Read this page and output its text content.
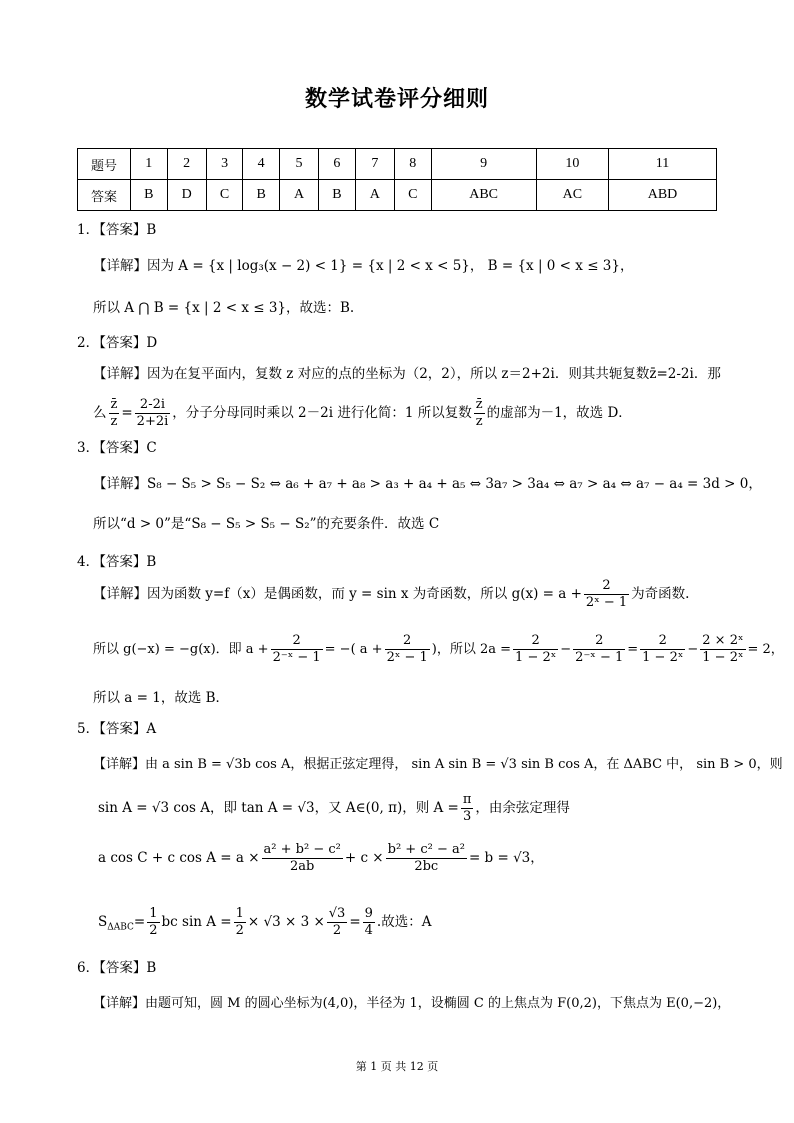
数学试卷评分细则
题号	1	2	3	4	5	6	7	8	9	10	11
答案	B	D	C	B	A	B	A	C	ABC	AC	ABD
1．【答案】B
【详解】因为 A = {x | log₃(x − 2) < 1} = {x | 2 < x < 5}， B = {x | 0 < x ≤ 3}，
所以 A ⋂ B = {x | 2 < x ≤ 3}，故选：B.
2．【答案】D
【详解】因为在复平面内，复数 z 对应的点的坐标为（2，2），所以 z＝2+2i．则其共轭复数z̄=2-2i．那
么 $\frac{z̄}{z} = \frac{2-2i}{2+2i}$ ，分子分母同时乘以 2－2i 进行化简：1 所以复数 $\frac{z̄}{z}$ 的虚部为－1，故选 D．
3．【答案】C
【详解】S₈ − S₅ > S₅ − S₂ ⇔ a₆ + a₇ + a₈ > a₃ + a₄ + a₅ ⇔ 3a₇ > 3a₄ ⇔ a₇ > a₄ ⇔ a₇ − a₄ = 3d > 0，
所以“d > 0”是“S₈ − S₅ > S₅ − S₂”的充要条件．故选 C
4．【答案】B
【详解】因为函数 y=f（x）是偶函数，而 y = sin x 为奇函数，所以 $g(x) = a + \frac{2}{\text{2ˣ − 1}}$ 为奇函数.
所以 g(−x) = −g(x)．即 $a + \frac{2}{\text{2⁻ˣ − 1}}$ = −( $a + \frac{2}{\text{2ˣ − 1}}$ )，所以 $2a = \frac{2}{\text{1 − 2ˣ}} - \frac{2}{\text{2⁻ˣ − 1}} = \frac{2}{\text{1 − 2ˣ}} - \frac{\text{2 × 2ˣ}}{\text{1 − 2ˣ}} = 2$，
所以 a = 1，故选 B．
5．【答案】A
【详解】由 a sin B = √3b cos A，根据正弦定理得， sin A sin B = √3 sin B cos A，在 ΔABC 中， sin B > 0，则
sin A = √3 cos A，即 tan A = √3，又 A∈(0, π)，则 $A = \frac{\pi}{3}$ ，由余弦定理得
a cos C + c $\cos A = a \times \frac{\text{a² + b² − c²}}{2ab} + c \times \frac{\text{b² + c² − a²}}{2bc} = b = √3$，
$S_{\Delta ABC}= \frac{1}{2}$ bc $\sin A = \frac{1}{2} \times √3 \times 3 \times \frac{√3}{2} = \frac{9}{4}$ .故选：A
6．【答案】B
【详解】由题可知，圆 M 的圆心坐标为(4,0)，半径为 1，设椭圆 C 的上焦点为 F(0,2)，下焦点为 E(0,−2)，
第 1 页 共 12 页
